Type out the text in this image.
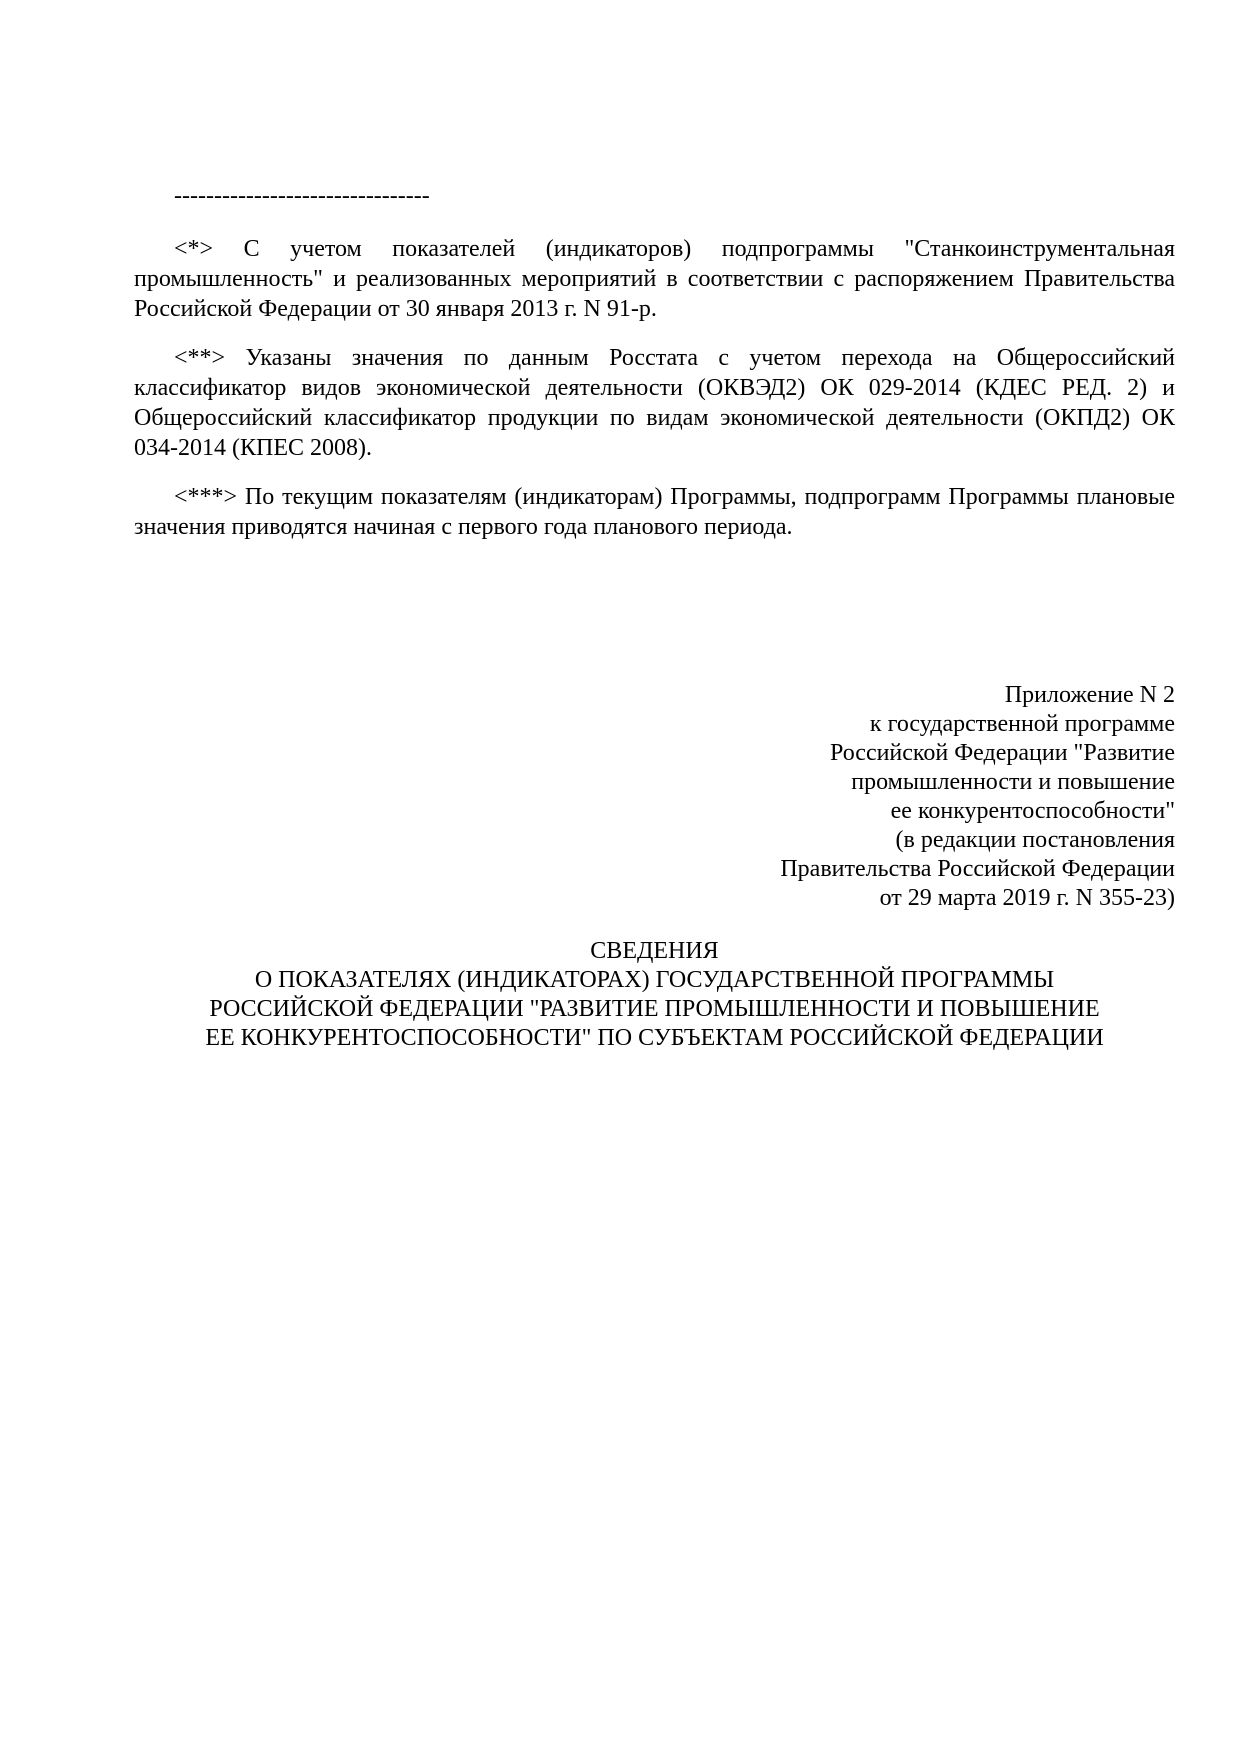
--------------------------------

<*> С учетом показателей (индикаторов) подпрограммы "Станкоинструментальная промышленность" и реализованных мероприятий в соответствии с распоряжением Правительства Российской Федерации от 30 января 2013 г. N 91-р.

<**> Указаны значения по данным Росстата с учетом перехода на Общероссийский классификатор видов экономической деятельности (ОКВЭД2) ОК 029-2014 (КДЕС РЕД. 2) и Общероссийский классификатор продукции по видам экономической деятельности (ОКПД2) ОК 034-2014 (КПЕС 2008).

<***> По текущим показателям (индикаторам) Программы, подпрограмм Программы плановые значения приводятся начиная с первого года планового периода.

Приложение N 2
к государственной программе
Российской Федерации "Развитие
промышленности и повышение
ее конкурентоспособности"
(в редакции постановления
Правительства Российской Федерации
от 29 марта 2019 г. N 355-23)
СВЕДЕНИЯ
О ПОКАЗАТЕЛЯХ (ИНДИКАТОРАХ) ГОСУДАРСТВЕННОЙ ПРОГРАММЫ
РОССИЙСКОЙ ФЕДЕРАЦИИ "РАЗВИТИЕ ПРОМЫШЛЕННОСТИ И ПОВЫШЕНИЕ
ЕЕ КОНКУРЕНТОСПОСОБНОСТИ" ПО СУБЪЕКТАМ РОССИЙСКОЙ ФЕДЕРАЦИИ
